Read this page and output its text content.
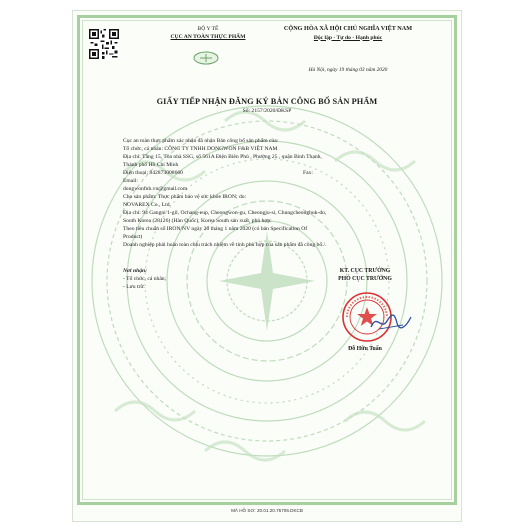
BỘ Y TẾ
CỤC AN TOÀN THỰC PHẨM
CỘNG HÒA XÃ HỘI CHỦ NGHĨA VIỆT NAM
Độc lập - Tự do - Hạnh phúc
Hà Nội, ngày 19 tháng 03 năm 2020
GIẤY TIẾP NHẬN ĐĂNG KÝ BẢN CÔNG BỐ SẢN PHẨM
Số: 2157/2020/ĐKSP
Cục an toàn thực phẩm xác nhận đã nhận Bản công bố sản phẩm của:
Tổ chức, cá nhân: CÔNG TY TNHH DONGWON F&B VIỆT NAM
Địa chỉ: Tầng 15, Tòa nhà SSG, số 561A Điện Biên Phủ , Phường 25 , quận Bình Thạnh,
Thành phố Hồ Chí Minh
Điện thoại: 842873008660	Fax:
Email:
dongwonfnb.vn@gmail.com
Cho sản phẩm: Thực phẩm bảo vệ sức khỏe IRON; do:
NOVAREX Co., Ltd.
Địa chỉ: 94 Gangni 1-gil, Ochang-eup, Cheongwon-gu, Cheongju-si, Chungcheongbuk-do,
South Korea (28126) (Hàn Quốc), Korea South sản xuất, phù hợp:
Theo tiêu chuẩn số IRON/NV ngày 20 tháng 1 năm 2020 (có bản Specification Of
Product)
Doanh nghiệp phải hoàn toàn chịu trách nhiệm về tính phù hợp của sản phẩm đã công bố./.
Nơi nhận:
- Tổ chức, cá nhân;
- Lưu trữ.
KT. CỤC TRƯỞNG
PHÓ CỤC TRƯỞNG
Đỗ Hữu Tuấn
MÃ HỒ SƠ: 20.01.20.75706.DKCB
